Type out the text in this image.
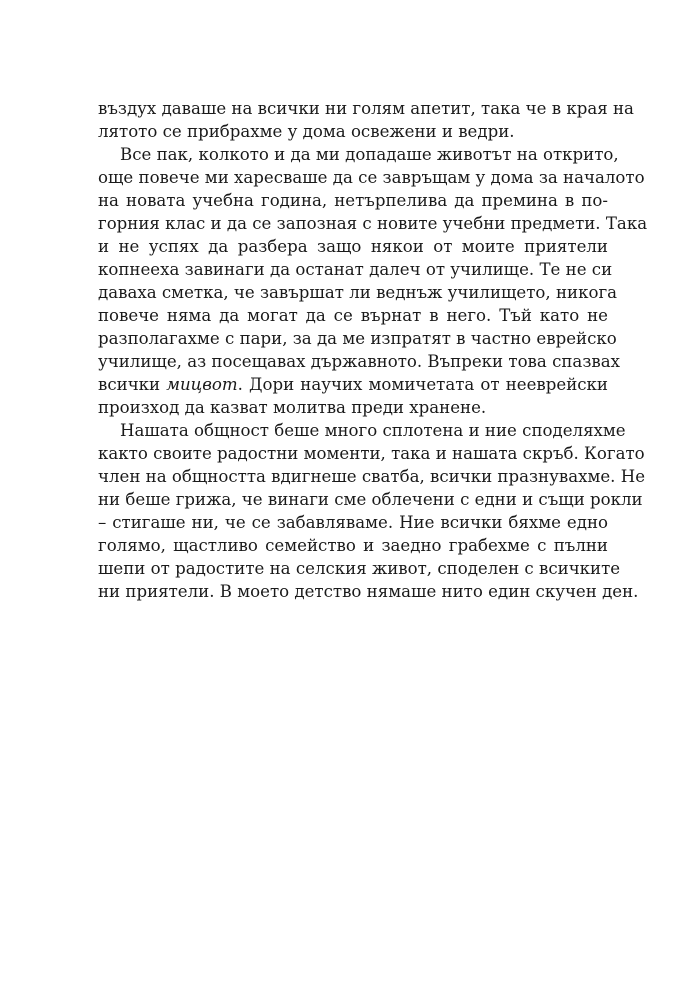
въздух даваше на всички ни голям апетит, така че в края на
лятото се прибрахме у дома освежени и ведри.
Все пак, колкото и да ми допадаше животът на открито,
още повече ми харесваше да се завръщам у дома за началото
на новата учебна година, нетърпелива да премина в по-
горния клас и да се запозная с новите учебни предмети. Така
и не успях да разбера защо някои от моите приятели
копнееха завинаги да останат далеч от училище. Те не си
даваха сметка, че завършат ли веднъж училището, никога
повече няма да могат да се върнат в него. Тъй като не
разполагахме с пари, за да ме изпратят в частно еврейско
училище, аз посещавах държавното. Въпреки това спазвах
всички мицвот. Дори научих момичетата от нееврейски
произход да казват молитва преди хранене.
Нашата общност беше много сплотена и ние споделяхме
както своите радостни моменти, така и нашата скръб. Когато
член на общността вдигнеше сватба, всички празнувахме. Не
ни беше грижа, че винаги сме облечени с едни и същи рокли
– стигаше ни, че се забавляваме. Ние всички бяхме едно
голямо, щастливо семейство и заедно грабехме с пълни
шепи от радостите на селския живот, споделен с всичките
ни приятели. В моето детство нямаше нито един скучен ден.
